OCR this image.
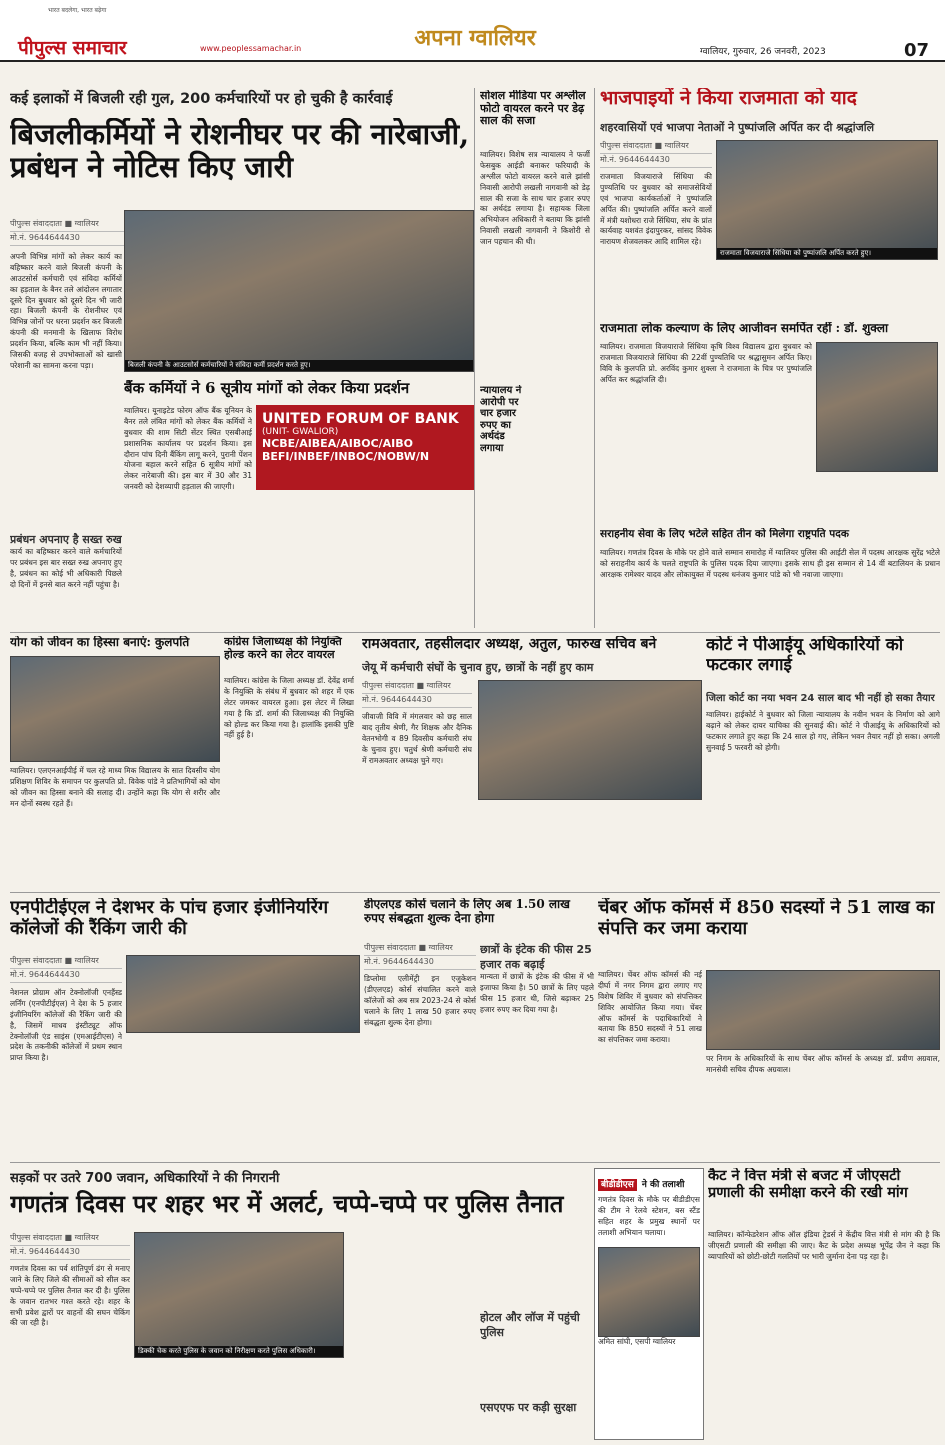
भारत बदलेगा, भारत बढ़ेगा
पीपुल्स समाचार	www.peoplessamachar.in	अपना ग्वालियर
ग्वालियर, गुरुवार, 26 जनवरी, 2023	07
कई इलाकों में बिजली रही गुल, 200 कर्मचारियों पर हो चुकी है कार्रवाई
बिजलीकर्मियों ने रोशनीघर पर की नारेबाजी, प्रबंधन ने नोटिस किए जारी
पीपुल्स संवाददाता ■ ग्वालियर
मो.नं. 9644644430
बिजली कंपनी के आउटसोर्स कर्मचारियों ने संविदा कर्मी प्रदर्शन करते हुए।
अपनी विभिन्न मांगों को लेकर कार्य का बहिष्कार करने वाले बिजली कंपनी के आउटसोर्स कर्मचारी एवं संविदा कर्मियों का हड़ताल के बैनर तले आंदोलन लगातार दूसरे दिन बुधवार को दूसरे दिन भी जारी रहा। बिजली कंपनी के रोशनीघर एवं विभिन्न जोनों पर धरना प्रदर्शन कर बिजली कंपनी की मनमानी के खिलाफ विरोध प्रदर्शन किया, बल्कि काम भी नहीं किया। जिसकी वजह से उपभोक्ताओं को खासी परेशानी का सामना करना पड़ा।
प्रबंधन अपनाए है सख्त रुख
कार्य का बहिष्कार करने वाले कर्मचारियों पर प्रबंधन इस बार सख्त रुख अपनाए हुए है, प्रबंधन का कोई भी अधिकारी पिछले दो दिनों में इनसे बात करने नहीं पहुंचा है।
बैंक कर्मियों ने 6 सूत्रीय मांगों को लेकर किया प्रदर्शन
ग्वालियर। यूनाइटेड फोरम ऑफ बैंक यूनियन के बैनर तले लंबित मांगों को लेकर बैंक कर्मियों ने बुधवार की शाम सिटी सेंटर स्थित एसबीआई प्रशासनिक कार्यालय पर प्रदर्शन किया। इस दौरान पांच दिनी बैंकिंग लागू करने, पुरानी पेंशन योजना बहाल करने सहित 6 सूत्रीय मांगों को लेकर नारेबाजी की। इस बार में 30 और 31 जनवरी को देशव्यापी हड़ताल की जाएगी।
UNITED FORUM OF BANK
(UNIT- GWALIOR)
NCBE/AIBEA/AIBOC/AIBO
BEFI/INBEF/INBOC/NOBW/N
सोशल मीडिया पर अश्लील फोटो वायरल करने पर डेढ़ साल की सजा
ग्वालियर। विशेष सत्र न्यायालय ने फर्जी फेसबुक आईडी बनाकर फरियादी के अश्लील फोटो वायरल करने वाले झांसी निवासी आरोपी लखली नागवानी को डेढ़ साल की सजा के साथ चार हजार रुपए का अर्थदंड लगाया है। सहायक जिला अभियोजन अधिकारी ने बताया कि झांसी निवासी लखली नागवानी ने किशोरी से जान पहचान की थी।
न्यायालय ने आरोपी पर चार हजार रुपए का अर्थदंड लगाया
भाजपाइयों ने किया राजमाता को याद
शहरवासियों एवं भाजपा नेताओं ने पुष्पांजलि अर्पित कर दी श्रद्धांजलि
पीपुल्स संवाददाता ■ ग्वालियर
मो.नं. 9644644430
राजमाता विजयाराजे सिंधिया की पुण्यतिथि पर बुधवार को समाजसेवियों एवं भाजपा कार्यकर्ताओं ने पुष्पांजलि अर्पित की। पुष्पांजलि अर्पित करने वालों में मंत्री यशोधरा राजे सिंधिया, संघ के प्रांत कार्यवाह यशवंत इंदापुरकर, सांसद विवेक नारायण शेजवलकर आदि शामिल रहे।
राजमाता विजयाराजे सिंधिया को पुष्पांजलि अर्पित करते हुए।
राजमाता लोक कल्याण के लिए आजीवन समर्पित रहीं : डॉ. शुक्ला
ग्वालियर। राजमाता विजयाराजे सिंधिया कृषि विश्व विद्यालय द्वारा बुधवार को राजमाता विजयाराजे सिंधिया की 22वीं पुण्यतिथि पर श्रद्धासुमन अर्पित किए। विवि के कुलपति प्रो. अरविंद कुमार शुक्ला ने राजमाता के चित्र पर पुष्पांजलि अर्पित कर श्रद्धांजलि दी।
सराहनीय सेवा के लिए भटेले सहित तीन को मिलेगा राष्ट्रपति पदक
ग्वालियर। गणतंत्र दिवस के मौके पर होने वाले सम्मान समारोह में ग्वालियर पुलिस की आईटी सेल में पदस्थ आरक्षक सुरेंद्र भटेले को सराहनीय कार्य के चलते राष्ट्रपति के पुलिस पदक दिया जाएगा। इसके साथ ही इस सम्मान से 14 वीं बटालियन के प्रधान आरक्षक रामेश्वर यादव और लोकायुक्त में पदस्थ धनंजय कुमार पांडे को भी नवाजा जाएगा।
योग को जीवन का हिस्सा बनाएं: कुलपति
ग्वालियर। एलएनआईपीई में चल रहे माध्य मिक विद्यालय के सात दिवसीय योग प्रशिक्षण शिविर के समापन पर कुलपति प्रो. विवेक पांडे ने प्रतिभागियों को योग को जीवन का हिस्सा बनाने की सलाह दी। उन्होंने कहा कि योग से शरीर और मन दोनों स्वस्थ रहते हैं।
कांग्रेस जिलाध्यक्ष की नियुक्ति होल्ड करने का लेटर वायरल
ग्वालियर। कांग्रेस के जिला अध्यक्ष डॉ. देवेंद्र शर्मा के नियुक्ति के संबंध में बुधवार को शहर में एक लेटर जमकर वायरल हुआ। इस लेटर में लिखा गया है कि डॉ. शर्मा की जिलाध्यक्ष की नियुक्ति को होल्ड कर किया गया है। हालांकि इसकी पुष्टि नहीं हुई है।
रामअवतार, तहसीलदार अध्यक्ष, अतुल, फारुख सचिव बने
जेयू में कर्मचारी संघों के चुनाव हुए, छात्रों के नहीं हुए काम
पीपुल्स संवाददाता ■ ग्वालियर
मो.नं. 9644644430
जीवाजी विवि में मंगलवार को छह साल बाद तृतीय श्रेणी, गैर शिक्षक और दैनिक वेतनभोगी व 89 दिवसीय कर्मचारी संघ के चुनाव हुए। चतुर्थ श्रेणी कर्मचारी संघ में रामअवतार अध्यक्ष चुने गए।
कोर्ट ने पीआईयू अधिकारियों को फटकार लगाई
जिला कोर्ट का नया भवन 24 साल बाद भी नहीं हो सका तैयार
ग्वालियर। हाईकोर्ट ने बुधवार को जिला न्यायालय के नवीन भवन के निर्माण को आगे बढ़ाने को लेकर दायर याचिका की सुनवाई की। कोर्ट ने पीआईयू के अधिकारियों को फटकार लगाते हुए कहा कि 24 साल हो गए, लेकिन भवन तैयार नहीं हो सका। अगली सुनवाई 5 फरवरी को होगी।
एनपीटीईएल ने देशभर के पांच हजार इंजीनियरिंग कॉलेजों की रैंकिंग जारी की
पीपुल्स संवाददाता ■ ग्वालियर
मो.नं. 9644644430
नेशनल प्रोग्राम ऑन टेक्नोलॉजी एनहैंस्ड लर्निंग (एनपीटीईएल) ने देश के 5 हजार इंजीनियरिंग कॉलेजों की रैंकिंग जारी की है, जिसमें माधव इंस्टीट्यूट ऑफ टेक्नोलॉजी एंड साइंस (एमआईटीएस) ने प्रदेश के तकनीकी कॉलेजों में प्रथम स्थान प्राप्त किया है।
डीएलएड कोर्स चलाने के लिए अब 1.50 लाख रुपए संबद्धता शुल्क देना होगा
पीपुल्स संवाददाता ■ ग्वालियर
मो.नं. 9644644430
डिप्लोमा एलीमेंट्री इन एजुकेशन (डीएलएड) कोर्स संचालित करने वाले कॉलेजों को अब सत्र 2023-24 से कोर्स चलाने के लिए 1 लाख 50 हजार रुपए संबद्धता शुल्क देना होगा।
छात्रों के इंटेक की फीस 25 हजार तक बढ़ाई
मान्यता में छात्रों के इंटेक की फीस में भी इजाफा किया है। 50 छात्रों के लिए पहले फीस 15 हजार थी, जिसे बढ़ाकर 25 हजार रुपए कर दिया गया है।
चेंबर ऑफ कॉमर्स में 850 सदस्यों ने 51 लाख का संपत्ति कर जमा कराया
ग्वालियर। चेंबर ऑफ कॉमर्स की नई दीर्घा में नगर निगम द्वारा लगाए गए विशेष शिविर में बुधवार को संपत्तिकर शिविर आयोजित किया गया। चेंबर ऑफ कॉमर्स के पदाधिकारियों ने बताया कि 850 सदस्यों ने 51 लाख का संपत्तिकर जमा कराया।
पर निगम के अधिकारियों के साथ चेंबर ऑफ कॉमर्स के अध्यक्ष डॉ. प्रवीण अग्रवाल, मानसेवी सचिव दीपक अग्रवाल।
सड़कों पर उतरे 700 जवान, अधिकारियों ने की निगरानी
गणतंत्र दिवस पर शहर भर में अलर्ट, चप्पे-चप्पे पर पुलिस तैनात
पीपुल्स संवाददाता ■ ग्वालियर
मो.नं. 9644644430
गणतंत्र दिवस का पर्व शांतिपूर्ण ढंग से मनाए जाने के लिए जिले की सीमाओं को सील कर चप्पे-चप्पे पर पुलिस तैनात कर दी है। पुलिस के जवान रातभर गश्त करते रहे। शहर के सभी प्रवेश द्वारों पर वाहनों की सघन चेकिंग की जा रही है।
डिक्की चेक करते पुलिस के जवान को निरीक्षण करते पुलिस अधिकारी।
होटल और लॉज में पहुंची पुलिस
एसएएफ पर कड़ी सुरक्षा
बीडीडीएस ने की तलाशी
गणतंत्र दिवस के मौके पर बीडीडीएस की टीम ने रेलवे स्टेशन, बस स्टैंड सहित शहर के प्रमुख स्थानों पर तलाशी अभियान चलाया।
अमित सांघी, एसपी ग्वालियर
कैट ने वित्त मंत्री से बजट में जीएसटी प्रणाली की समीक्षा करने की रखी मांग
ग्वालियर। कॉन्फेडरेशन ऑफ ऑल इंडिया ट्रेडर्स ने केंद्रीय वित्त मंत्री से मांग की है कि जीएसटी प्रणाली की समीक्षा की जाए। कैट के प्रदेश अध्यक्ष भूपेंद्र जैन ने कहा कि व्यापारियों को छोटी-छोटी गलतियों पर भारी जुर्माना देना पड़ रहा है।
